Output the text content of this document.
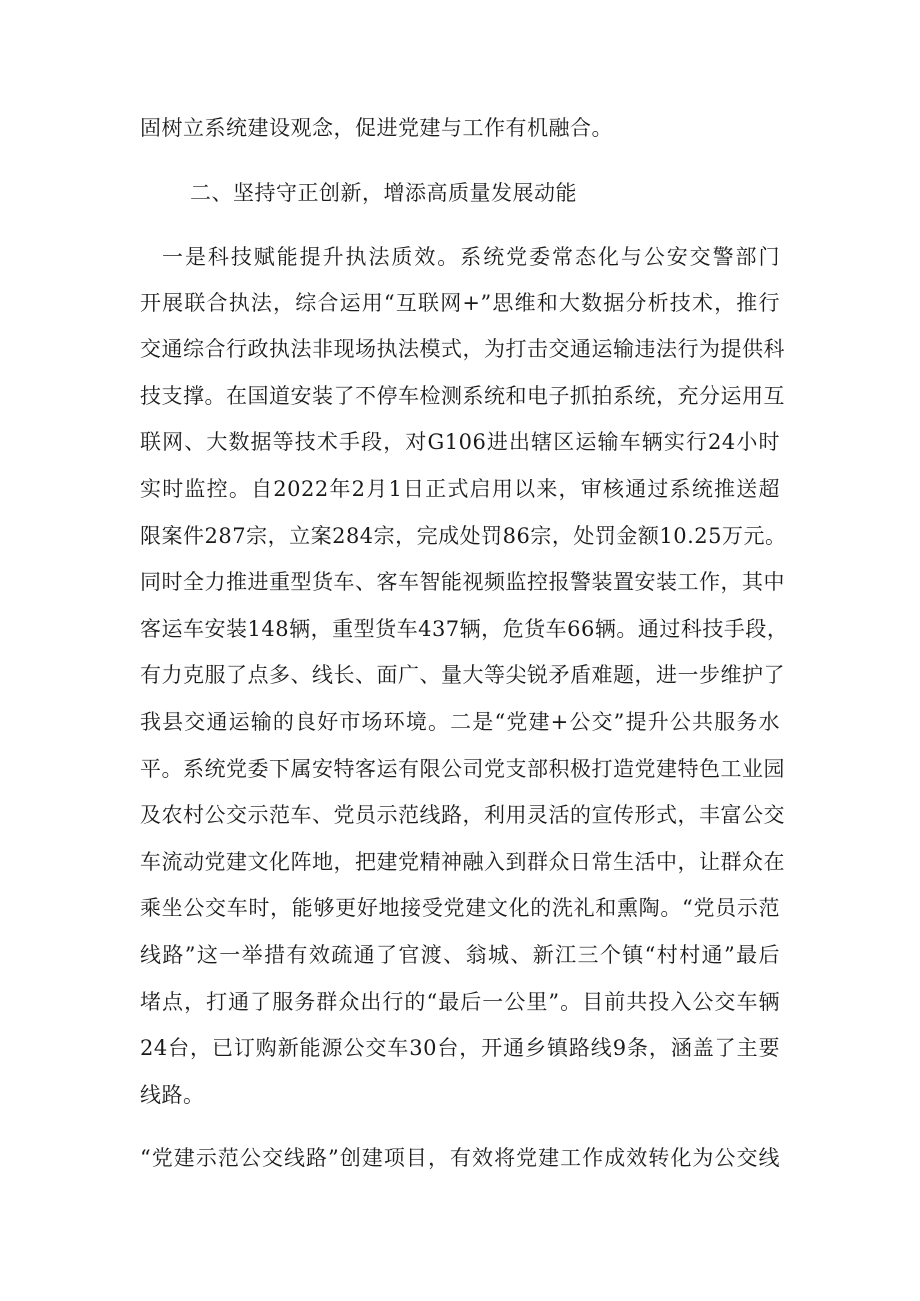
固树立系统建设观念，促进党建与工作有机融合。
二、坚持守正创新，增添高质量发展动能
一是科技赋能提升执法质效。系统党委常态化与公安交警部门
开展联合执法，综合运用“互联网+”思维和大数据分析技术，推行
交通综合行政执法非现场执法模式，为打击交通运输违法行为提供科
技支撑。在国道安装了不停车检测系统和电子抓拍系统，充分运用互
联网、大数据等技术手段，对G106进出辖区运输车辆实行24小时
实时监控。自2022年2月1日正式启用以来，审核通过系统推送超
限案件287宗，立案284宗，完成处罚86宗，处罚金额10.25万元。
同时全力推进重型货车、客车智能视频监控报警装置安装工作，其中
客运车安装148辆，重型货车437辆，危货车66辆。通过科技手段，
有力克服了点多、线长、面广、量大等尖锐矛盾难题，进一步维护了
我县交通运输的良好市场环境。二是“党建+公交”提升公共服务水
平。系统党委下属安特客运有限公司党支部积极打造党建特色工业园
及农村公交示范车、党员示范线路，利用灵活的宣传形式，丰富公交
车流动党建文化阵地，把建党精神融入到群众日常生活中，让群众在
乘坐公交车时，能够更好地接受党建文化的洗礼和熏陶。“党员示范
线路”这一举措有效疏通了官渡、翁城、新江三个镇“村村通”最后
堵点，打通了服务群众出行的“最后一公里”。目前共投入公交车辆
24台，已订购新能源公交车30台，开通乡镇路线9条，涵盖了主要
线路。
“党建示范公交线路”创建项目，有效将党建工作成效转化为公交线
